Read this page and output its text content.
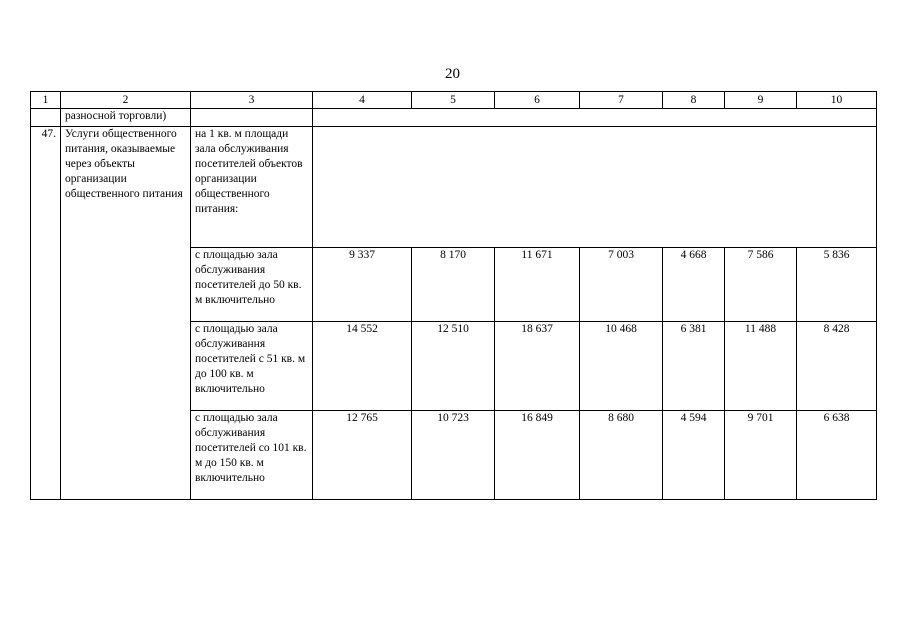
20
1	2	3	4	5	6	7	8	9	10
	разносной торговли)								
47.	Услуги общественного питания, оказываемые через объекты организации общественного питания	на 1 кв. м площади зала обслуживания посетителей объектов организации общественного питания:							
		с площадью зала обслуживания посетителей до 50 кв. м включительно	9 337	8 170	11 671	7 003	4 668	7 586	5 836
		с площадью зала обслуживання посетителей с 51 кв. м до 100 кв. м включительно	14 552	12 510	18 637	10 468	6 381	11 488	8 428
		с площадью зала обслуживания посетителей со 101 кв. м до 150 кв. м включительно	12 765	10 723	16 849	8 680	4 594	9 701	6 638
